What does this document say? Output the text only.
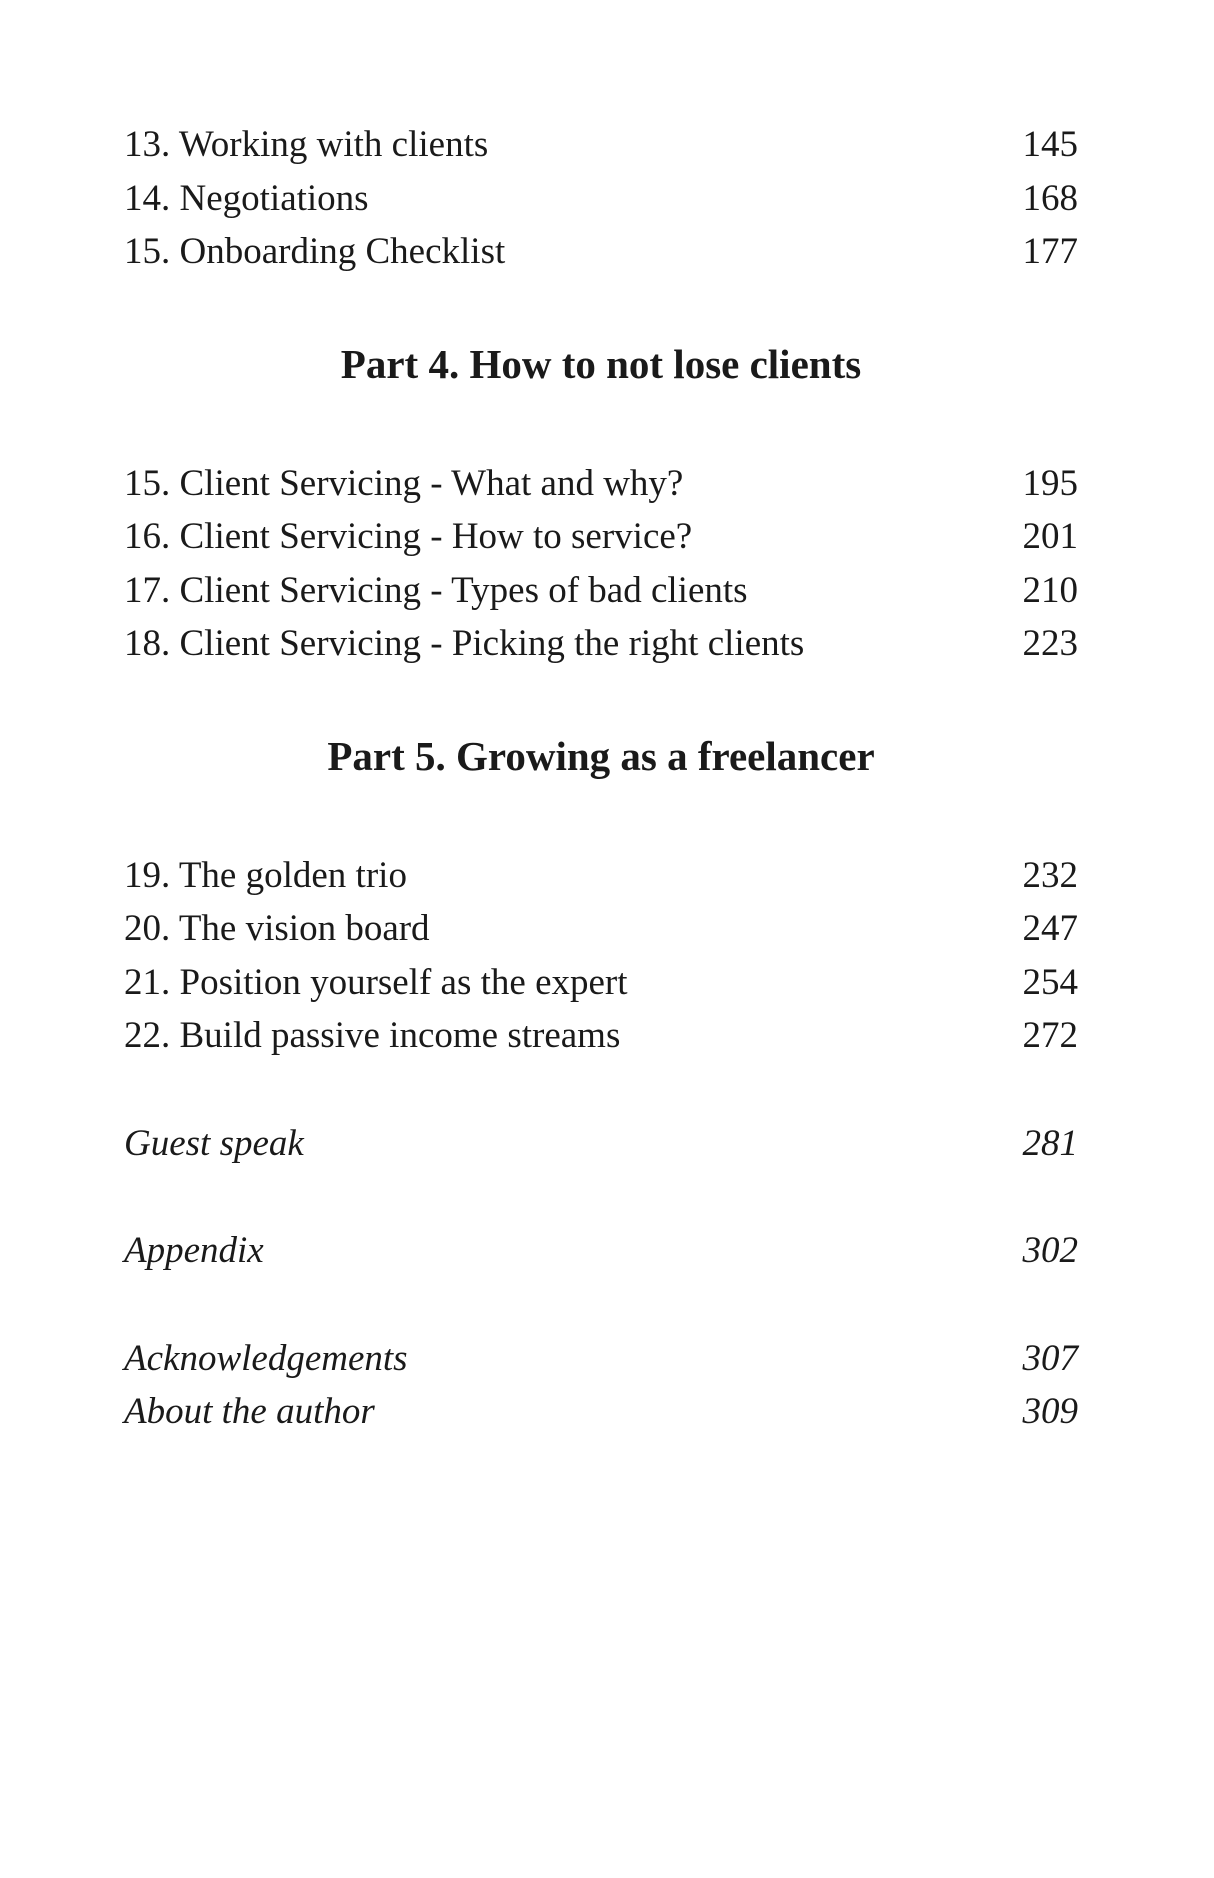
13. Working with clients	145
14. Negotiations	168
15. Onboarding Checklist	177
Part 4. How to not lose clients
15. Client Servicing - What and why?	195
16. Client Servicing - How to service?	201
17. Client Servicing - Types of bad clients	210
18. Client Servicing - Picking the right clients	223
Part 5. Growing as a freelancer
19. The golden trio	232
20. The vision board	247
21. Position yourself as the expert	254
22. Build passive income streams	272
Guest speak	281
Appendix	302
Acknowledgements	307
About the author	309
